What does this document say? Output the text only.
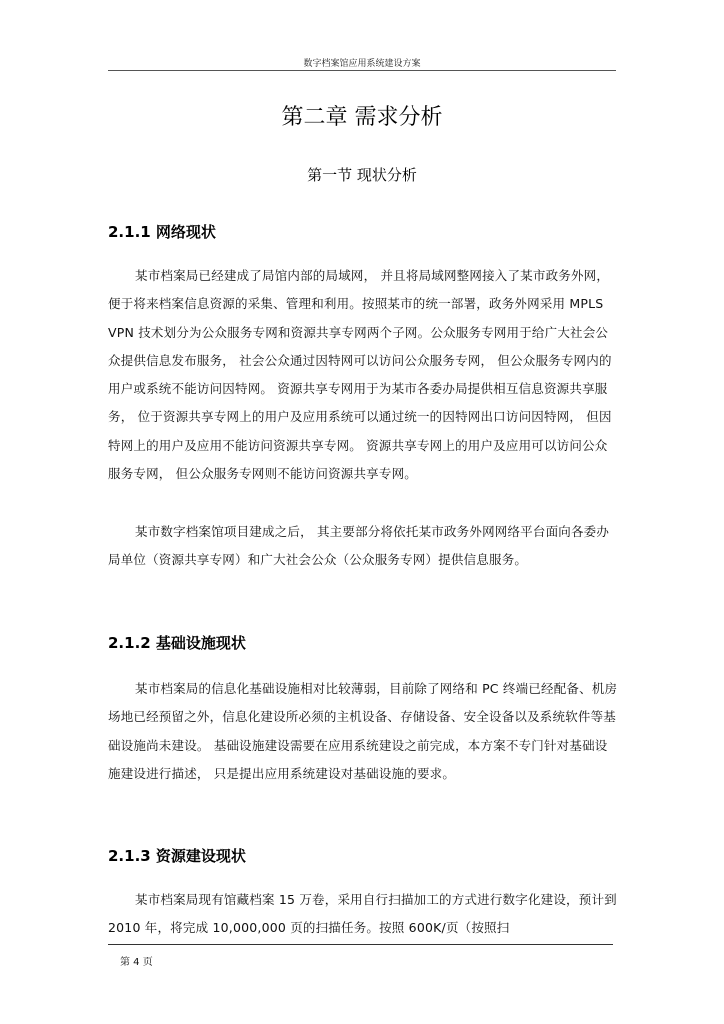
数字档案馆应用系统建设方案
第二章 需求分析
第一节 现状分析
2.1.1 网络现状

某市档案局已经建成了局馆内部的局域网， 并且将局域网整网接入了某市政务外网，便于将来档案信息资源的采集、管理和利用。按照某市的统一部署，政务外网采用 MPLS VPN 技术划分为公众服务专网和资源共享专网两个子网。公众服务专网用于给广大社会公众提供信息发布服务， 社会公众通过因特网可以访问公众服务专网， 但公众服务专网内的用户或系统不能访问因特网。 资源共享专网用于为某市各委办局提供相互信息资源共享服务， 位于资源共享专网上的用户及应用系统可以通过统一的因特网出口访问因特网， 但因特网上的用户及应用不能访问资源共享专网。 资源共享专网上的用户及应用可以访问公众服务专网， 但公众服务专网则不能访问资源共享专网。

某市数字档案馆项目建成之后， 其主要部分将依托某市政务外网网络平台面向各委办局单位（资源共享专网）和广大社会公众（公众服务专网）提供信息服务。

2.1.2 基础设施现状

某市档案局的信息化基础设施相对比较薄弱，目前除了网络和 PC 终端已经配备、机房场地已经预留之外，信息化建设所必须的主机设备、存储设备、安全设备以及系统软件等基础设施尚未建设。 基础设施建设需要在应用系统建设之前完成，本方案不专门针对基础设施建设进行描述， 只是提出应用系统建设对基础设施的要求。

2.1.3 资源建设现状

某市档案局现有馆藏档案 15 万卷，采用自行扫描加工的方式进行数字化建设，预计到 2010 年，将完成 10,000,000 页的扫描任务。按照 600K/页（按照扫

第 4 页
